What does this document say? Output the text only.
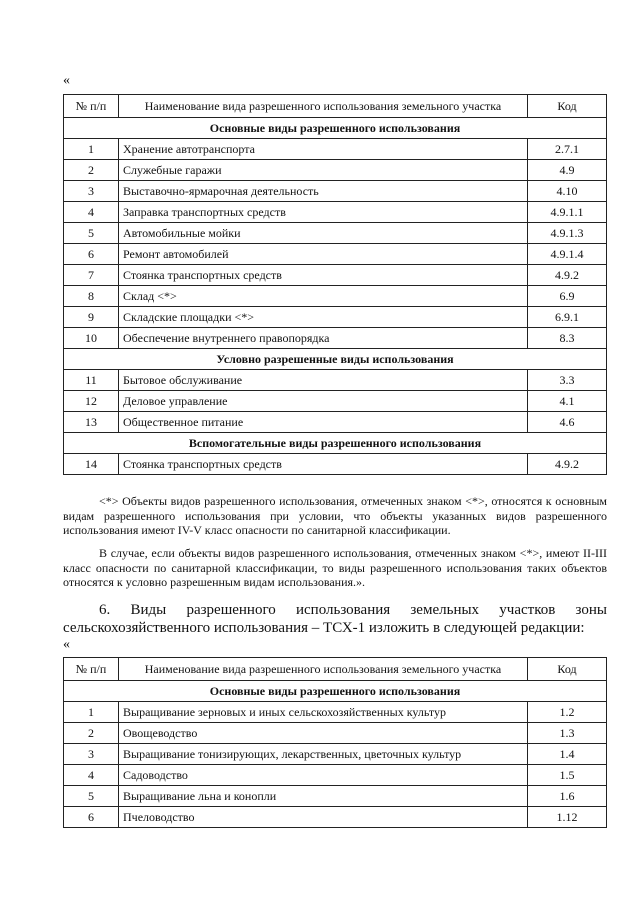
«
№ п/п	Наименование вида разрешенного использования земельного участка	Код
Основные виды разрешенного использования		
1	Хранение автотранспорта	2.7.1
2	Служебные гаражи	4.9
3	Выставочно-ярмарочная деятельность	4.10
4	Заправка транспортных средств	4.9.1.1
5	Автомобильные мойки	4.9.1.3
6	Ремонт автомобилей	4.9.1.4
7	Стоянка транспортных средств	4.9.2
8	Склад <*>	6.9
9	Складские площадки <*>	6.9.1
10	Обеспечение внутреннего правопорядка	8.3
Условно разрешенные виды использования		
11	Бытовое обслуживание	3.3
12	Деловое управление	4.1
13	Общественное питание	4.6
Вспомогательные виды разрешенного использования		
14	Стоянка транспортных средств	4.9.2
<*> Объекты видов разрешенного использования, отмеченных знаком <*>, относятся к основным видам разрешенного использования при условии, что объекты указанных видов разрешенного использования имеют IV-V класс опасности по санитарной классификации.
В случае, если объекты видов разрешенного использования, отмеченных знаком <*>, имеют II-III класс опасности по санитарной классификации, то виды разрешенного использования таких объектов относятся к условно разрешенным видам использования.».
6. Виды разрешенного использования земельных участков зоны сельскохозяйственного использования – ТСХ-1 изложить в следующей редакции:
«
№ п/п	Наименование вида разрешенного использования земельного участка	Код
Основные виды разрешенного использования		
1	Выращивание зерновых и иных сельскохозяйственных культур	1.2
2	Овощеводство	1.3
3	Выращивание тонизирующих, лекарственных, цветочных культур	1.4
4	Садоводство	1.5
5	Выращивание льна и конопли	1.6
6	Пчеловодство	1.12
